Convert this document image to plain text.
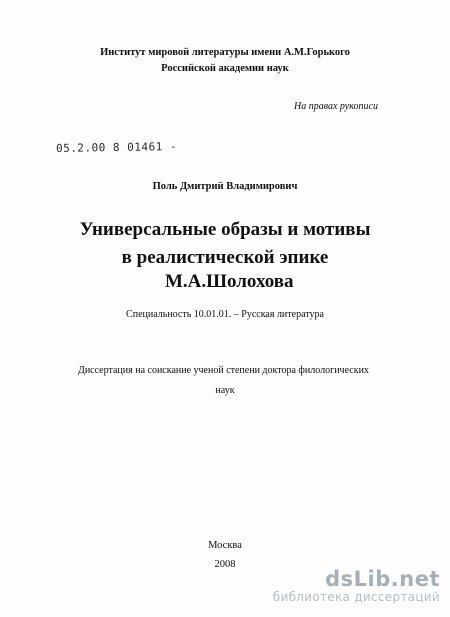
Институт мировой литературы имени А.М.Горького
Российской академии наук
На правах рукописи
05.2.00 8 01461 -
Поль Дмитрий Владимирович
Универсальные образы и мотивы
в реалистической эпике
М.А.Шолохова
Специальность 10.01.01. – Русская литература
Диссертация на соискание ученой степени доктора филологических
наук
Москва
2008
dsLib.net
библиотека диссертаций
